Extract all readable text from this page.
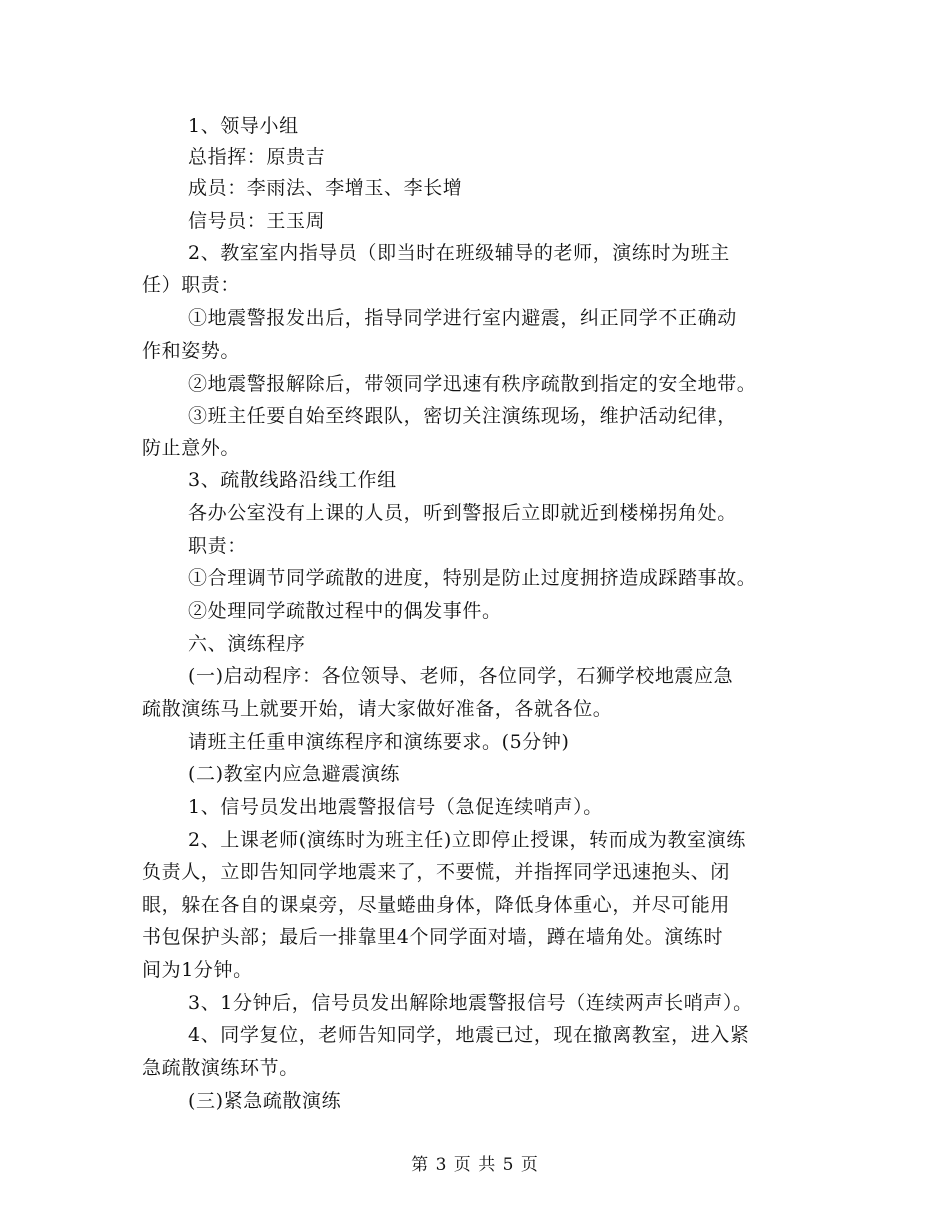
1、领导小组
总指挥：原贵吉
成员：李雨法、李增玉、李长增
信号员：王玉周
2、教室室内指导员（即当时在班级辅导的老师，演练时为班主
任）职责：
①地震警报发出后，指导同学进行室内避震，纠正同学不正确动
作和姿势。
②地震警报解除后，带领同学迅速有秩序疏散到指定的安全地带。
③班主任要自始至终跟队，密切关注演练现场，维护活动纪律，
防止意外。
3、疏散线路沿线工作组
各办公室没有上课的人员，听到警报后立即就近到楼梯拐角处。
职责：
①合理调节同学疏散的进度，特别是防止过度拥挤造成踩踏事故。
②处理同学疏散过程中的偶发事件。
六、演练程序
(一)启动程序：各位领导、老师，各位同学，石狮学校地震应急
疏散演练马上就要开始，请大家做好准备，各就各位。
请班主任重申演练程序和演练要求。(5分钟)
(二)教室内应急避震演练
1、信号员发出地震警报信号（急促连续哨声）。
2、上课老师(演练时为班主任)立即停止授课，转而成为教室演练
负责人，立即告知同学地震来了，不要慌，并指挥同学迅速抱头、闭
眼，躲在各自的课桌旁，尽量蜷曲身体，降低身体重心，并尽可能用
书包保护头部；最后一排靠里4个同学面对墙，蹲在墙角处。演练时
间为1分钟。
3、1分钟后，信号员发出解除地震警报信号（连续两声长哨声）。
4、同学复位，老师告知同学，地震已过，现在撤离教室，进入紧
急疏散演练环节。
(三)紧急疏散演练
第 3 页 共 5 页
